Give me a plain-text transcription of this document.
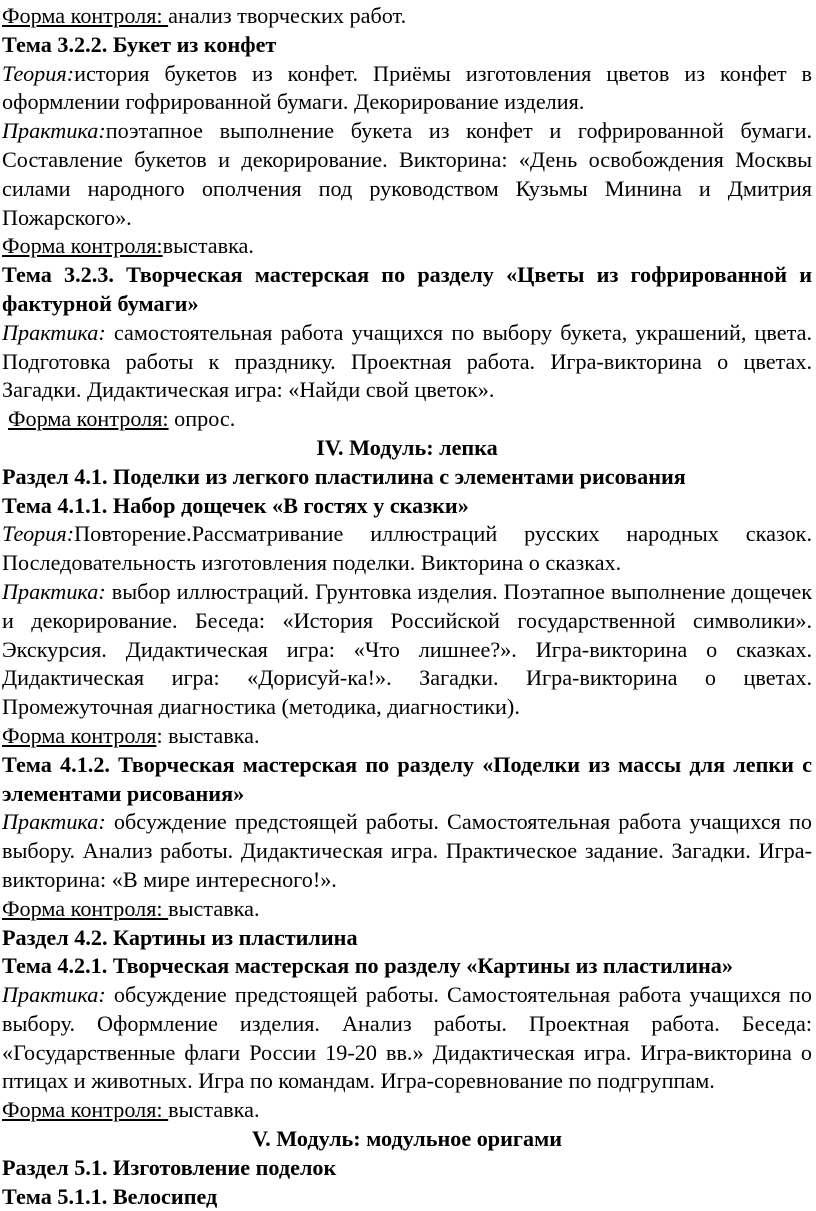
Форма контроля: анализ творческих работ.
Тема 3.2.2. Букет из конфет
Теория:история букетов из конфет. Приёмы изготовления цветов из конфет в оформлении гофрированной бумаги. Декорирование изделия.
Практика:поэтапное выполнение букета из конфет и гофрированной бумаги. Составление букетов и декорирование. Викторина: «День освобождения Москвы силами народного ополчения под руководством Кузьмы Минина и Дмитрия Пожарского».
Форма контроля:выставка.
Тема 3.2.3. Творческая мастерская по разделу «Цветы из гофрированной и фактурной бумаги»
Практика: самостоятельная работа учащихся по выбору букета, украшений, цвета. Подготовка работы к празднику. Проектная работа. Игра-викторина о цветах. Загадки. Дидактическая игра: «Найди свой цветок».
Форма контроля: опрос.
IV. Модуль: лепка
Раздел 4.1. Поделки из легкого пластилина с элементами рисования
Тема 4.1.1. Набор дощечек «В гостях у сказки»
Теория:Повторение.Рассматривание иллюстраций русских народных сказок. Последовательность изготовления поделки. Викторина о сказках.
Практика: выбор иллюстраций. Грунтовка изделия. Поэтапное выполнение дощечек и декорирование. Беседа: «История Российской государственной символики». Экскурсия. Дидактическая игра: «Что лишнее?». Игра-викторина о сказках. Дидактическая игра: «Дорисуй-ка!». Загадки. Игра-викторина о цветах. Промежуточная диагностика (методика, диагностики).
Форма контроля: выставка.
Тема 4.1.2. Творческая мастерская по разделу «Поделки из массы для лепки с элементами рисования»
Практика: обсуждение предстоящей работы. Самостоятельная работа учащихся по выбору. Анализ работы. Дидактическая игра. Практическое задание. Загадки. Игра-викторина: «В мире интересного!».
Форма контроля: выставка.
Раздел 4.2. Картины из пластилина
Тема 4.2.1. Творческая мастерская по разделу «Картины из пластилина»
Практика: обсуждение предстоящей работы. Самостоятельная работа учащихся по выбору. Оформление изделия. Анализ работы. Проектная работа. Беседа: «Государственные флаги России 19-20 вв.» Дидактическая игра. Игра-викторина о птицах и животных. Игра по командам. Игра-соревнование по подгруппам.
Форма контроля: выставка.
V. Модуль: модульное оригами
Раздел 5.1. Изготовление поделок
Тема 5.1.1. Велосипед
